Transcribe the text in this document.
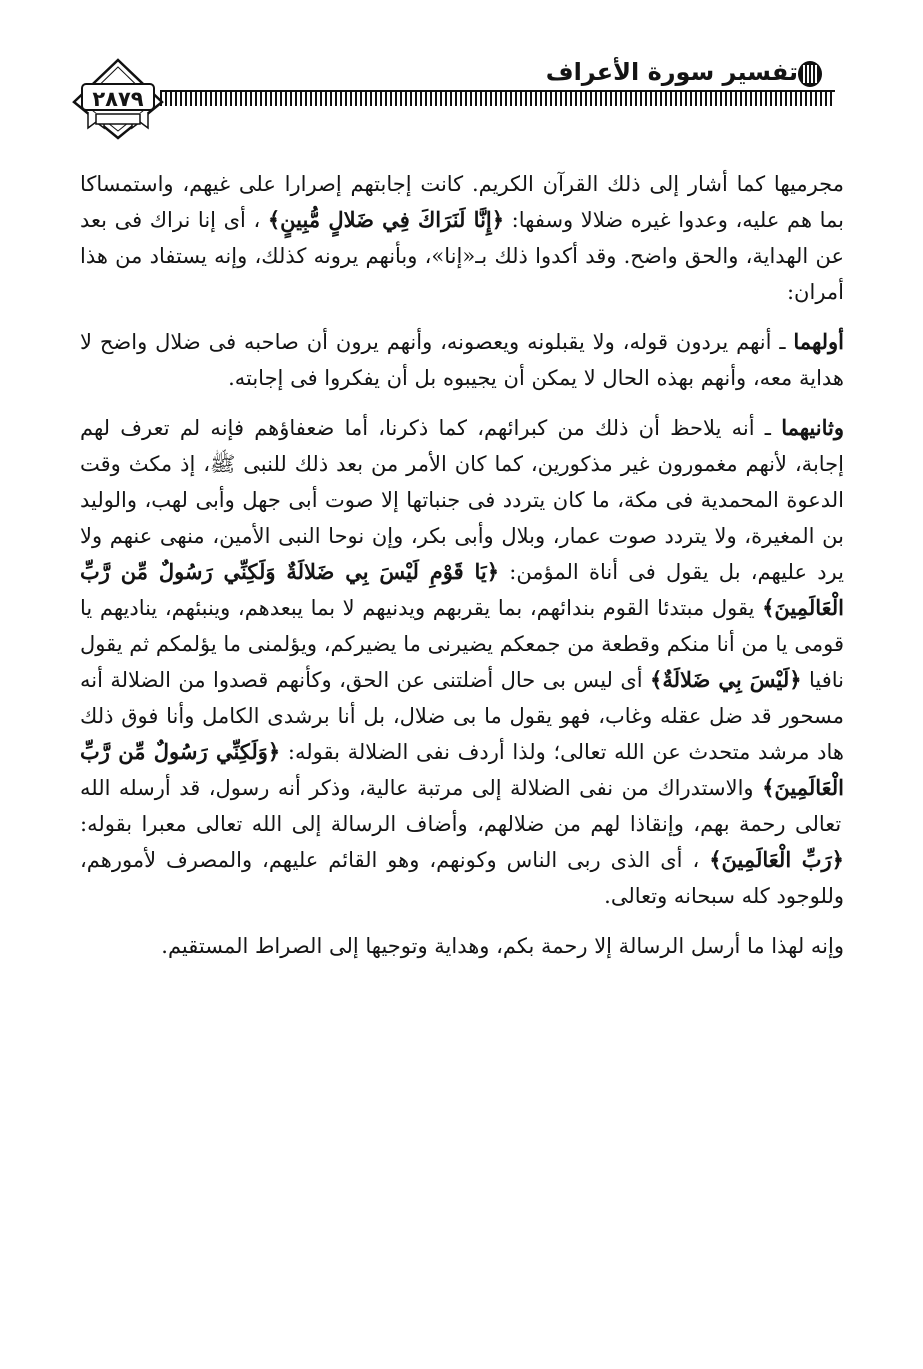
تفسير سورة الأعراف
٢٨٧٩

مجرميها كما أشار إلى ذلك القرآن الكريم. كانت إجابتهم إصرارا على غيهم، واستمساكا بما هم عليه، وعدوا غيره ضلالا وسفها: ﴿إِنَّا لَنَرَاكَ فِي ضَلالٍ مُّبِينٍ﴾ ، أى إنا نراك فى بعد عن الهداية، والحق واضح. وقد أكدوا ذلك بـ«إنا»، وبأنهم يرونه كذلك، وإنه يستفاد من هذا أمران:

أولهما ـ أنهم يردون قوله، ولا يقبلونه ويعصونه، وأنهم يرون أن صاحبه فى ضلال واضح لا هداية معه، وأنهم بهذه الحال لا يمكن أن يجيبوه بل أن يفكروا فى إجابته.

وثانيهما ـ أنه يلاحظ أن ذلك من كبرائهم، كما ذكرنا، أما ضعفاؤهم فإنه لم تعرف لهم إجابة، لأنهم مغمورون غير مذكورين، كما كان الأمر من بعد ذلك للنبى ﷺ، إذ مكث وقت الدعوة المحمدية فى مكة، ما كان يتردد فى جنباتها إلا صوت أبى جهل وأبى لهب، والوليد بن المغيرة، ولا يتردد صوت عمار، وبلال وأبى بكر، وإن نوحا النبى الأمين، منهى عنهم ولا يرد عليهم، بل يقول فى أناة المؤمن: ﴿يَا قَوْمِ لَيْسَ بِي ضَلالَةٌ وَلَكِنِّي رَسُولٌ مِّن رَّبِّ الْعَالَمِينَ﴾ يقول مبتدئا القوم بندائهم، بما يقربهم ويدنيهم لا بما يبعدهم، وينبئهم، يناديهم يا قومى يا من أنا منكم وقطعة من جمعكم يضيرنى ما يضيركم، ويؤلمنى ما يؤلمكم ثم يقول نافيا ﴿لَيْسَ بِي ضَلالَةٌ﴾ أى ليس بى حال أضلتنى عن الحق، وكأنهم قصدوا من الضلالة أنه مسحور قد ضل عقله وغاب، فهو يقول ما بى ضلال، بل أنا برشدى الكامل وأنا فوق ذلك هاد مرشد متحدث عن الله تعالى؛ ولذا أردف نفى الضلالة بقوله: ﴿وَلَكِنِّي رَسُولٌ مِّن رَّبِّ الْعَالَمِينَ﴾ والاستدراك من نفى الضلالة إلى مرتبة عالية، وذكر أنه رسول، قد أرسله الله تعالى رحمة بهم، وإنقاذا لهم من ضلالهم، وأضاف الرسالة إلى الله تعالى معبرا بقوله: ﴿رَبِّ الْعَالَمِينَ﴾ ، أى الذى ربى الناس وكونهم، وهو القائم عليهم، والمصرف لأمورهم، وللوجود كله سبحانه وتعالى.

وإنه لهذا ما أرسل الرسالة إلا رحمة بكم، وهداية وتوجيها إلى الصراط المستقيم.
